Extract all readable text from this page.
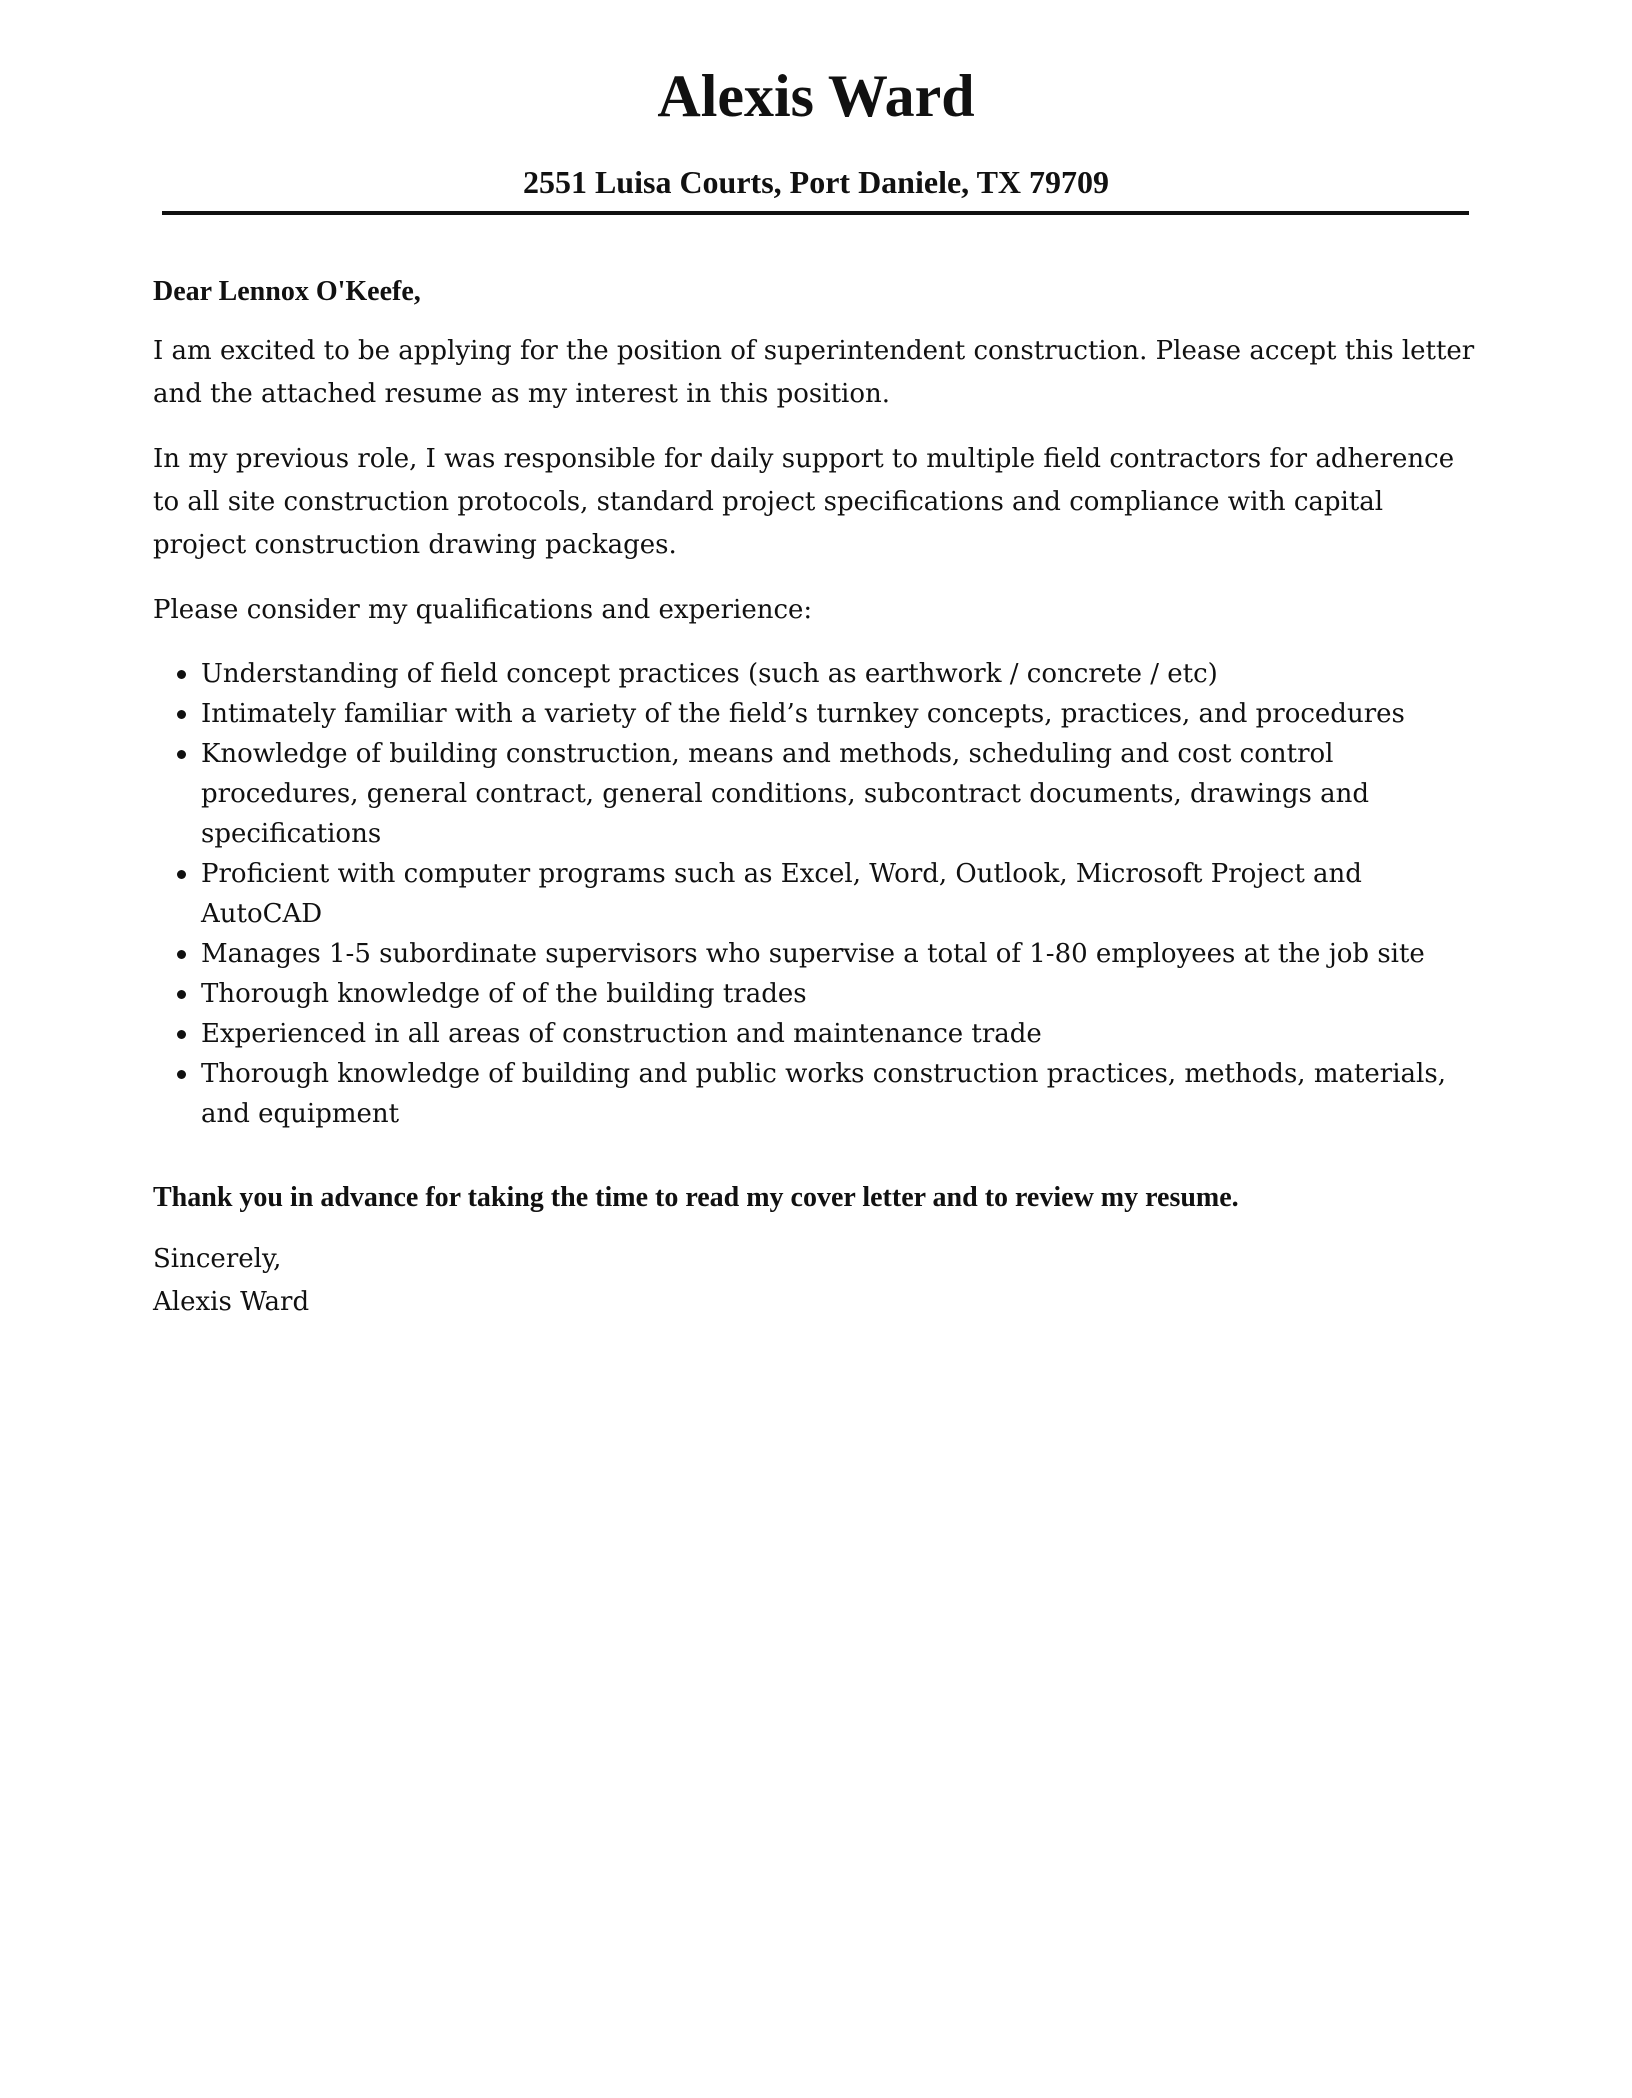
Alexis Ward
2551 Luisa Courts, Port Daniele, TX 79709

Dear Lennox O'Keefe,

I am excited to be applying for the position of superintendent construction. Please accept this letter and the attached resume as my interest in this position.

In my previous role, I was responsible for daily support to multiple field contractors for adherence to all site construction protocols, standard project specifications and compliance with capital project construction drawing packages.

Please consider my qualifications and experience:

Understanding of field concept practices (such as earthwork / concrete / etc)
Intimately familiar with a variety of the field’s turnkey concepts, practices, and procedures
Knowledge of building construction, means and methods, scheduling and cost control procedures, general contract, general conditions, subcontract documents, drawings and specifications
Proficient with computer programs such as Excel, Word, Outlook, Microsoft Project and AutoCAD
Manages 1-5 subordinate supervisors who supervise a total of 1-80 employees at the job site
Thorough knowledge of of the building trades
Experienced in all areas of construction and maintenance trade
Thorough knowledge of building and public works construction practices, methods, materials, and equipment

Thank you in advance for taking the time to read my cover letter and to review my resume.

Sincerely,

Alexis Ward
